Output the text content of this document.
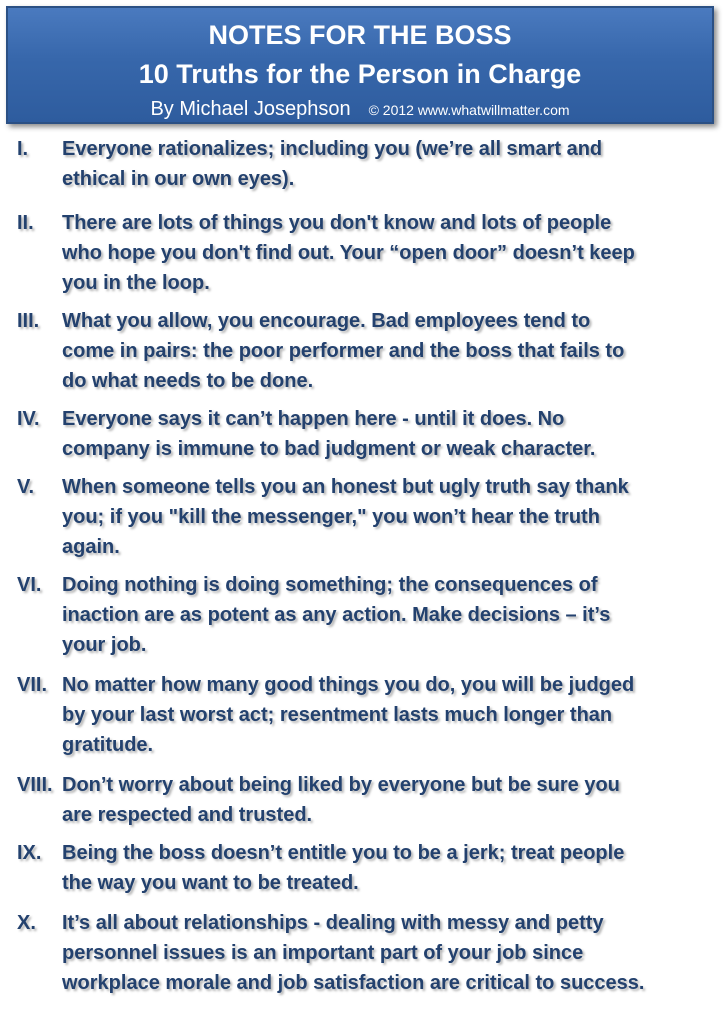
NOTES FOR THE BOSS
10 Truths for the Person in Charge
By Michael Josephson © 2012 www.whatwillmatter.com
I. Everyone rationalizes; including you (we’re all smart and
ethical in our own eyes).
II. There are lots of things you don't know and lots of people
who hope you don't find out. Your “open door” doesn’t keep
you in the loop.
III. What you allow, you encourage. Bad employees tend to
come in pairs: the poor performer and the boss that fails to
do what needs to be done.
IV. Everyone says it can’t happen here - until it does. No
company is immune to bad judgment or weak character.
V. When someone tells you an honest but ugly truth say thank
you; if you "kill the messenger," you won’t hear the truth
again.
VI. Doing nothing is doing something; the consequences of
inaction are as potent as any action. Make decisions – it’s
your job.
VII. No matter how many good things you do, you will be judged
by your last worst act; resentment lasts much longer than
gratitude.
VIII. Don’t worry about being liked by everyone but be sure you
are respected and trusted.
IX. Being the boss doesn’t entitle you to be a jerk; treat people
the way you want to be treated.
X. It’s all about relationships - dealing with messy and petty
personnel issues is an important part of your job since
workplace morale and job satisfaction are critical to success.
